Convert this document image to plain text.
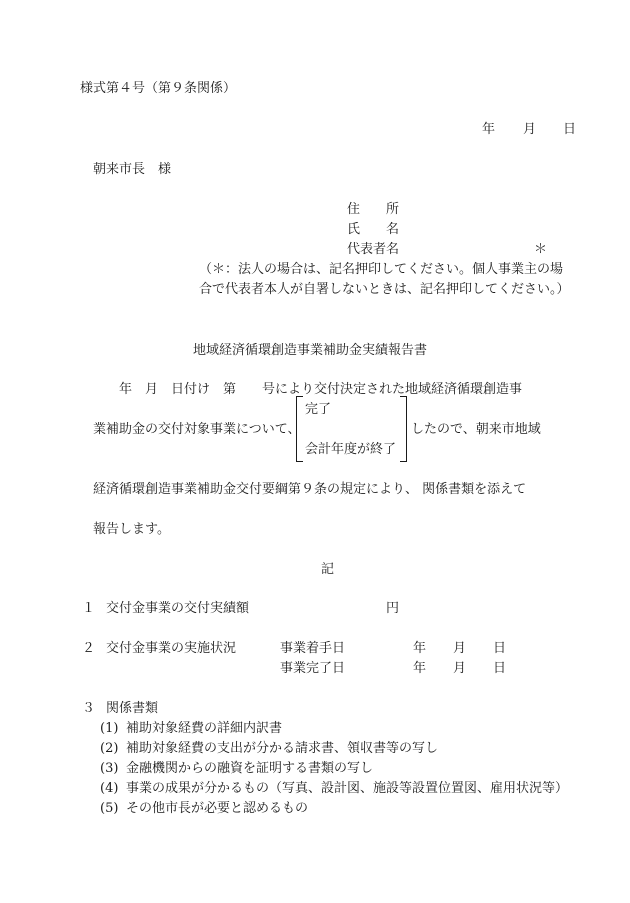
様式第４号（第９条関係）
年 月 日
朝来市長　様
住　　所
氏　　名
代表者名	＊
（＊：法人の場合は、記名押印してください。個人事業主の場
合で代表者本人が自署しないときは、記名押印してください。）
地域経済循環創造事業補助金実績報告書
　　年　月　日付け　第　　号により交付決定された地域経済循環創造事
業補助金の交付対象事業について、
完了
会計年度が終了
したので、朝来市地域
経済循環創造事業補助金交付要綱第９条の規定により、 関係書類を添えて
報告します。
記
１ 交付金事業の交付実績額	円
２ 交付金事業の実施状況	事業着手日	年 月 日
事業完了日	年 月 日
３ 関係書類
(1) 補助対象経費の詳細内訳書
(2) 補助対象経費の支出が分かる請求書、領収書等の写し
(3) 金融機関からの融資を証明する書類の写し
(4) 事業の成果が分かるもの（写真、設計図、施設等設置位置図、雇用状況等）
(5) その他市長が必要と認めるもの
